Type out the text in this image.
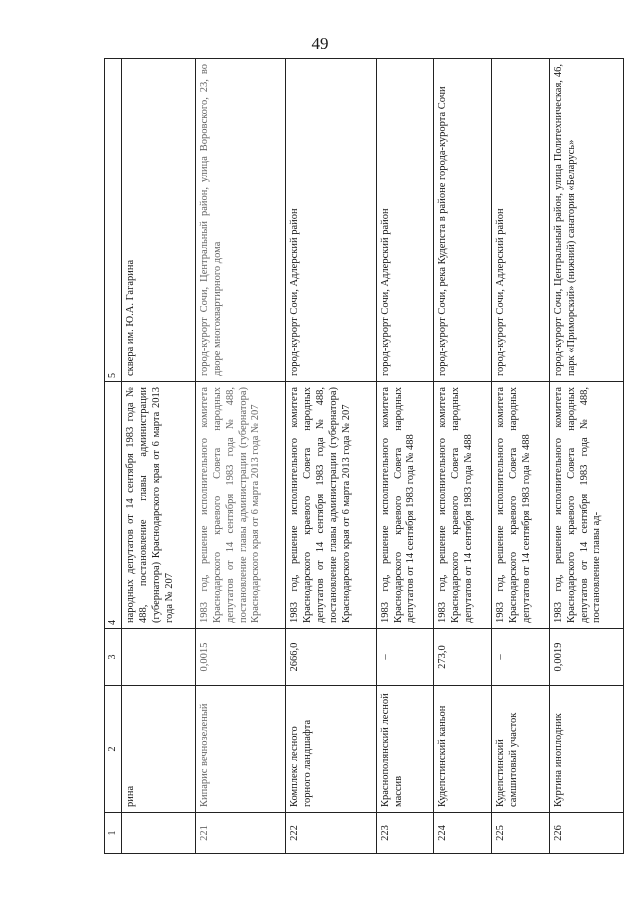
49
1	2	3	4	5
	рина		народных депутатов от 14 сентября 1983 года № 488, постановление главы администрации (губернатора) Краснодарского края от 6 марта 2013 года № 207	сквера им. Ю.А. Гагарина
221	Кипарис вечнозеленый	0,0015	1983 год, решение исполнительного комитета Краснодарского краевого Совета народных депутатов от 14 сентября 1983 года № 488, постановление главы администрации (губернатора) Краснодарского края от 6 марта 2013 года № 207	город-курорт Сочи, Центральный район, улица Воровского, 23, во дворе многоквартирного дома
222	Комплекс лесного горного ландшафта	2666,0	1983 год, решение исполнительного комитета Краснодарского краевого Совета народных депутатов от 14 сентября 1983 года № 488, постановление главы администрации (губернатора) Краснодарского края от 6 марта 2013 года № 207	город-курорт Сочи, Адлерский район
223	Краснополянский лесной массив	–	1983 год, решение исполнительного комитета Краснодарского краевого Совета народных депутатов от 14 сентября 1983 года № 488	город-курорт Сочи, Адлерский район
224	Кудепстинский каньон	273,0	1983 год, решение исполнительного комитета Краснодарского краевого Совета народных депутатов от 14 сентября 1983 года № 488	город-курорт Сочи, река Кудепста в районе города-курорта Сочи
225	Кудепстинский самшитовый участок	–	1983 год, решение исполнительного комитета Краснодарского краевого Совета народных депутатов от 14 сентября 1983 года № 488	город-курорт Сочи, Адлерский район
226	Куртина иноплодник	0,0019	1983 год, решение исполнительного комитета Краснодарского краевого Совета народных депутатов от 14 сентября 1983 года № 488, постановление главы ад-	город-курорт Сочи, Центральный район, улица Политехническая, 46, парк «Приморский» (нижний) санатория «Беларусь»
